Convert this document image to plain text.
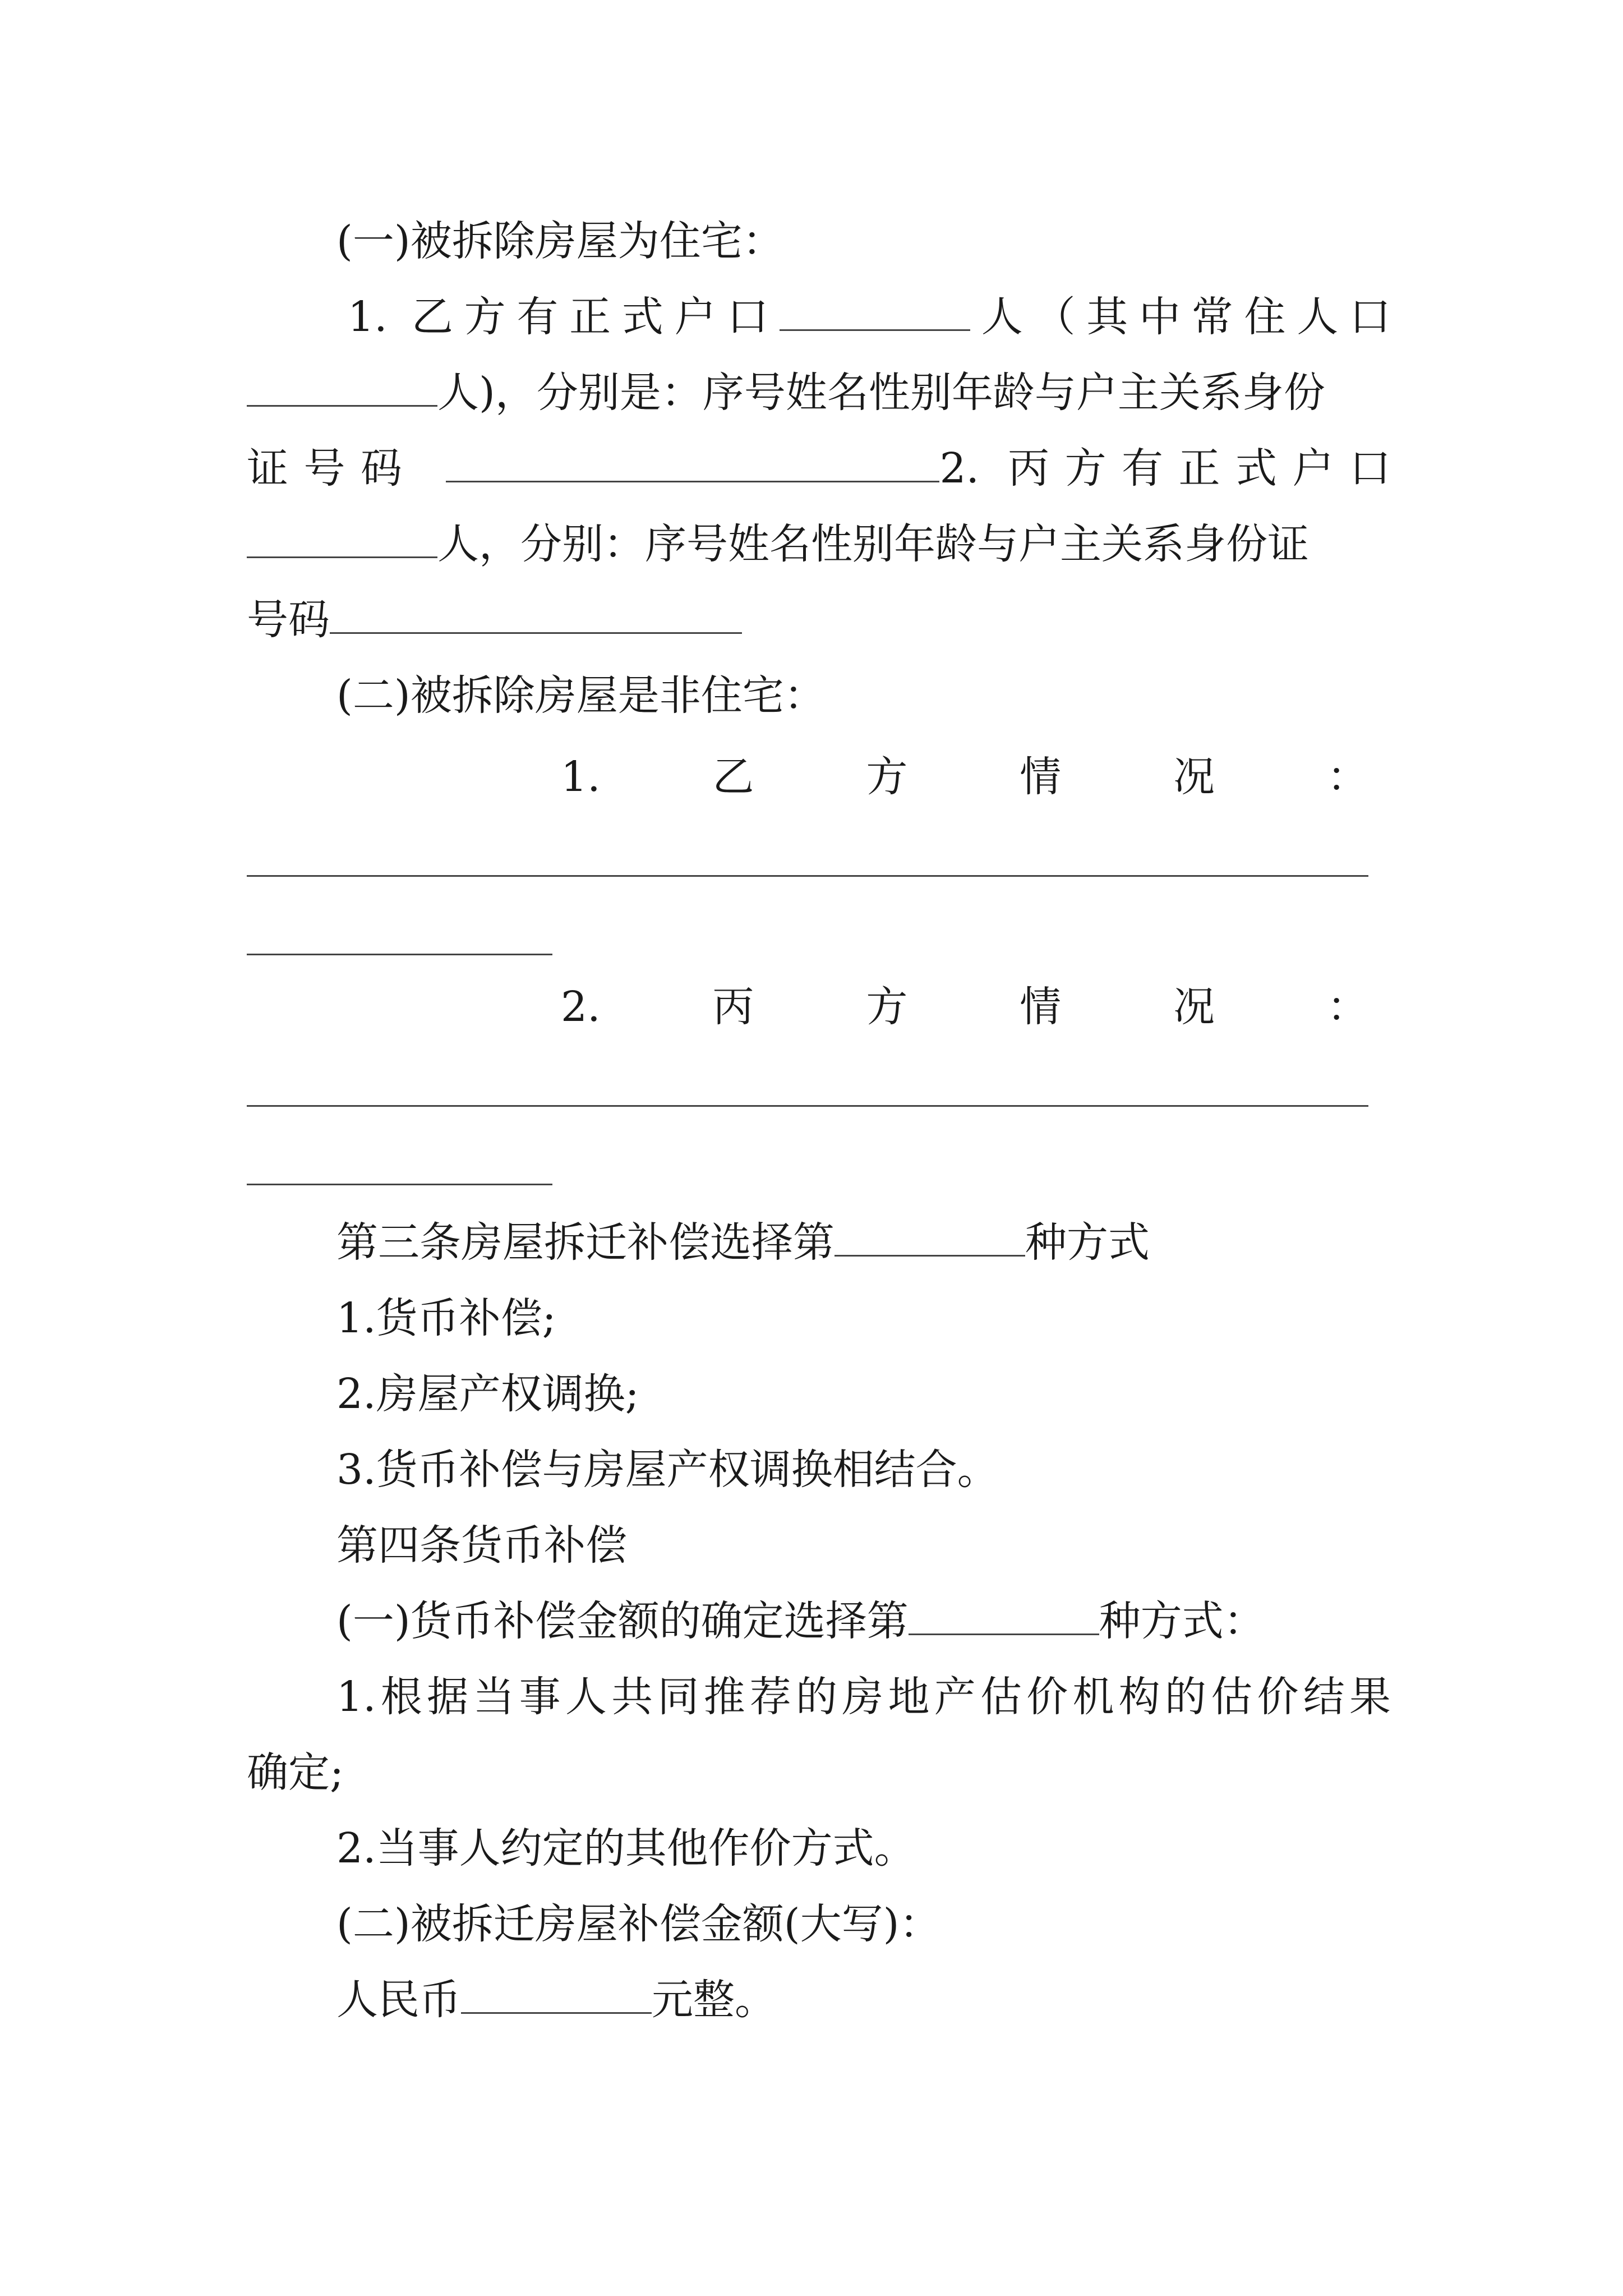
(一)被拆除房屋为住宅：
1. 乙方有正式户口	人（其中常住人口
人)，分别是：序号姓名性别年龄与户主关系身份
证号码	2. 丙方有正式户口
人，分别：序号姓名性别年龄与户主关系身份证
号码
(二)被拆除房屋是非住宅：
1.	乙	方	情	况	：
2.	丙	方	情	况	：
第三条房屋拆迁补偿选择第	种方式
1.货币补偿;
2.房屋产权调换;
3.货币补偿与房屋产权调换相结合。
第四条货币补偿
(一)货币补偿金额的确定选择第	种方式：
1.根据当事人共同推荐的房地产估价机构的估价结果
确定;
2.当事人约定的其他作价方式。
(二)被拆迁房屋补偿金额(大写)：
人民币	元整。
